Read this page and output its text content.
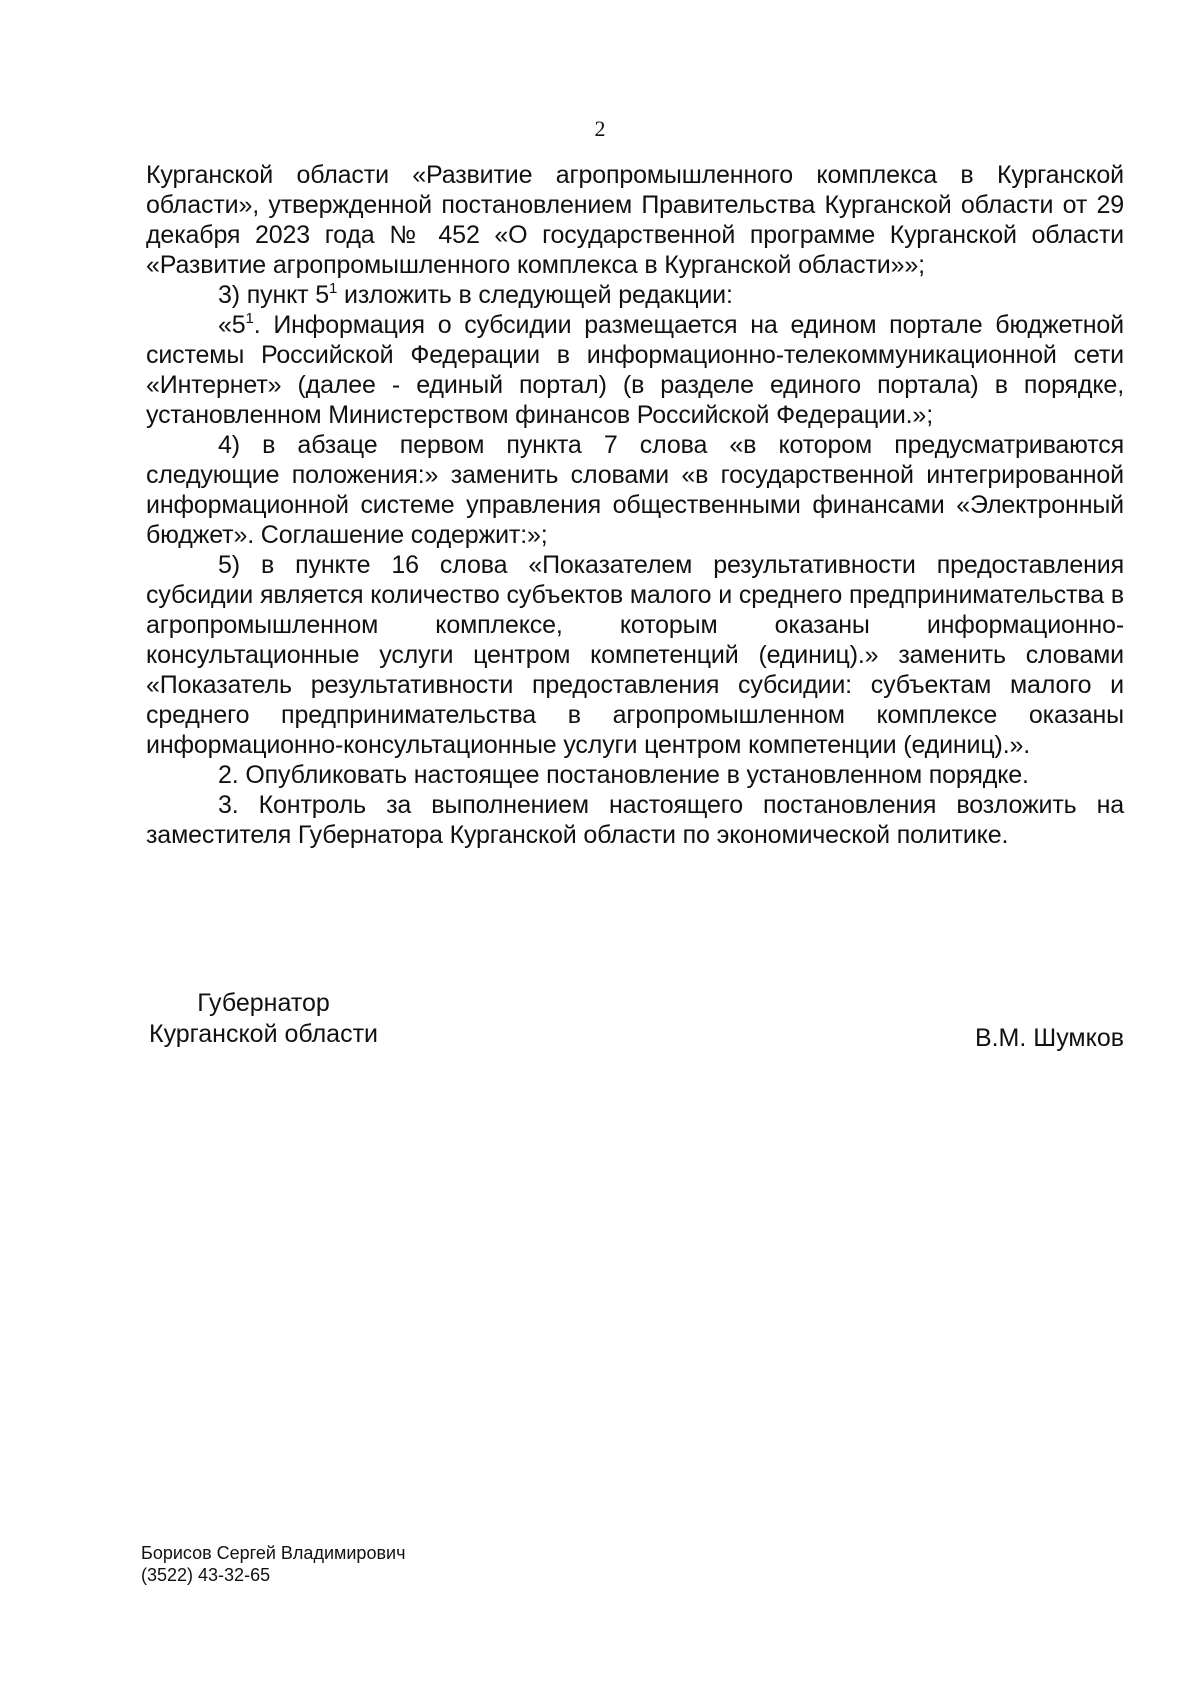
2

Курганской области «Развитие агропромышленного комплекса в Курганской области», утвержденной постановлением Правительства Курганской области от 29 декабря 2023 года № 452 «О государственной программе Курганской области «Развитие агропромышленного комплекса в Курганской области»»;

3) пункт $5^1$ изложить в следующей редакции:

«$5^1$. Информация о субсидии размещается на едином портале бюджетной системы Российской Федерации в информационно-телекоммуникационной сети «Интернет» (далее - единый портал) (в разделе единого портала) в порядке, установленном Министерством финансов Российской Федерации.»;

4) в абзаце первом пункта 7 слова «в котором предусматриваются следующие положения:» заменить словами «в государственной интегрированной информационной системе управления общественными финансами «Электронный бюджет». Соглашение содержит:»;

5) в пункте 16 слова «Показателем результативности предоставления субсидии является количество субъектов малого и среднего предпринимательства в агропромышленном комплексе, которым оказаны информационно-консультационные услуги центром компетенций (единиц).» заменить словами «Показатель результативности предоставления субсидии: субъектам малого и среднего предпринимательства в агропромышленном комплексе оказаны информационно-консультационные услуги центром компетенции (единиц).».

2. Опубликовать настоящее постановление в установленном порядке.

3. Контроль за выполнением настоящего постановления возложить на заместителя Губернатора Курганской области по экономической политике.

Губернатор
Курганской области	В.М. Шумков
Борисов Сергей Владимирович
(3522) 43-32-65
